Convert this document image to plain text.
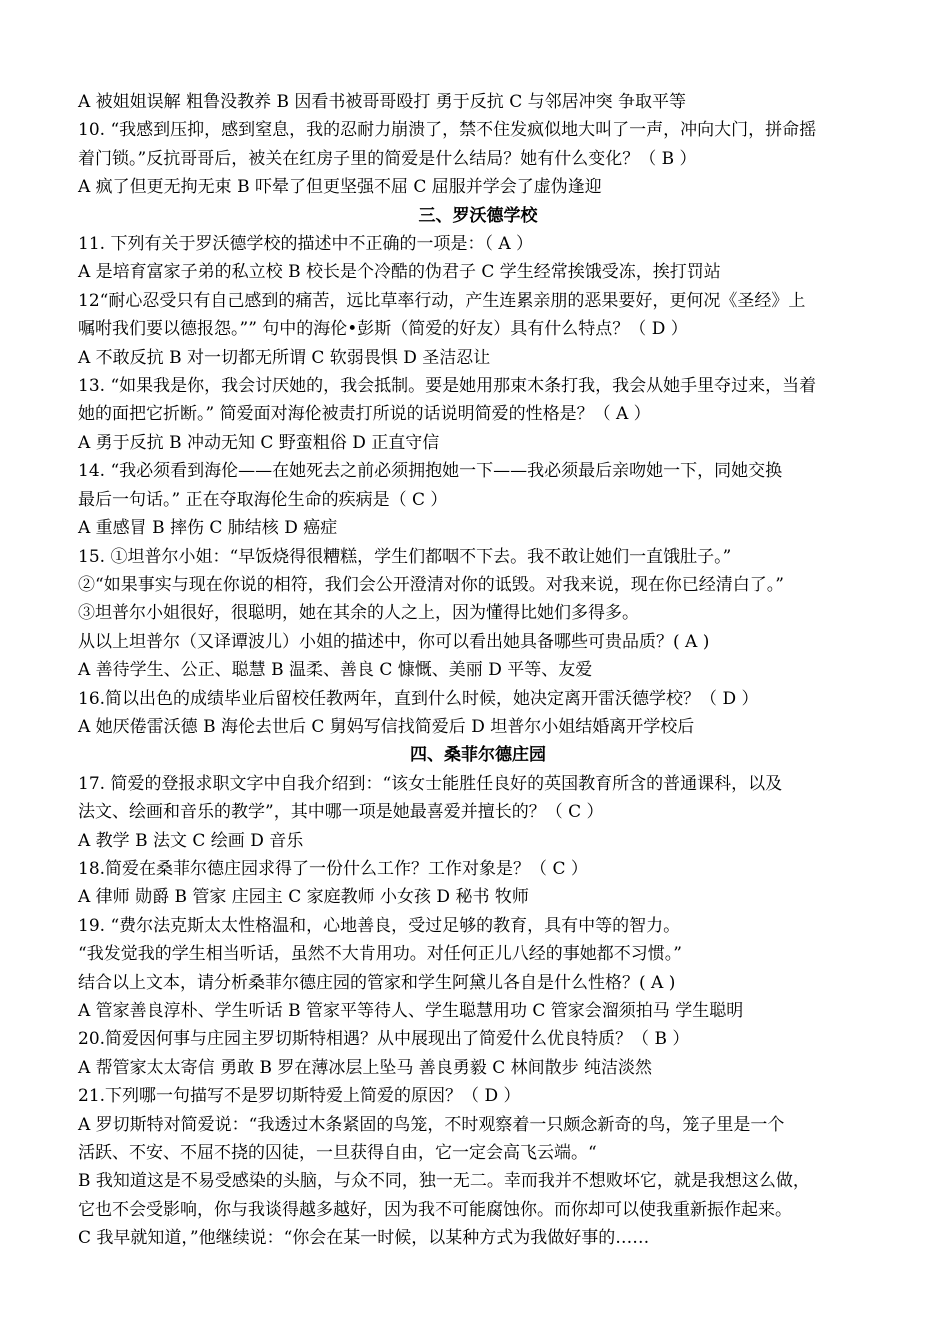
A 被姐姐误解 粗鲁没教养 B 因看书被哥哥殴打 勇于反抗 C 与邻居冲突 争取平等
10. “我感到压抑，感到窒息，我的忍耐力崩溃了，禁不住发疯似地大叫了一声，冲向大门，拼命摇
着门锁。”反抗哥哥后，被关在红房子里的简爱是什么结局？她有什么变化？（ B ）
A 疯了但更无拘无束 B 吓晕了但更坚强不屈 C 屈服并学会了虚伪逢迎
三、罗沃德学校
11. 下列有关于罗沃德学校的描述中不正确的一项是：（ A ）
A 是培育富家子弟的私立校 B 校长是个冷酷的伪君子 C 学生经常挨饿受冻，挨打罚站
12“耐心忍受只有自己感到的痛苦，远比草率行动，产生连累亲朋的恶果要好，更何况《圣经》上
嘱咐我们要以德报怨。”” 句中的海伦•彭斯（简爱的好友）具有什么特点？（ D ）
A 不敢反抗 B 对一切都无所谓 C 软弱畏惧 D 圣洁忍让
13. “如果我是你，我会讨厌她的，我会抵制。要是她用那束木条打我，我会从她手里夺过来，当着
她的面把它折断。” 简爱面对海伦被责打所说的话说明简爱的性格是？（ A ）
A 勇于反抗 B 冲动无知 C 野蛮粗俗 D 正直守信
14. “我必须看到海伦——在她死去之前必须拥抱她一下——我必须最后亲吻她一下，同她交换
最后一句话。” 正在夺取海伦生命的疾病是（ C ）
A 重感冒 B 摔伤 C 肺结核 D 癌症
15. ①坦普尔小姐：“早饭烧得很糟糕，学生们都咽不下去。我不敢让她们一直饿肚子。”
②“如果事实与现在你说的相符，我们会公开澄清对你的诋毁。对我来说，现在你已经清白了。”
③坦普尔小姐很好，很聪明，她在其余的人之上，因为懂得比她们多得多。
从以上坦普尔（又译谭波儿）小姐的描述中，你可以看出她具备哪些可贵品质？( A )
A 善待学生、公正、聪慧 B 温柔、善良 C 慷慨、美丽 D 平等、友爱
16.简以出色的成绩毕业后留校任教两年，直到什么时候，她决定离开雷沃德学校？（ D ）
A 她厌倦雷沃德 B 海伦去世后 C 舅妈写信找简爱后 D 坦普尔小姐结婚离开学校后
四、桑菲尔德庄园
17. 简爱的登报求职文字中自我介绍到：“该女士能胜任良好的英国教育所含的普通课科，以及
法文、绘画和音乐的教学”，其中哪一项是她最喜爱并擅长的？（ C ）
A 教学 B 法文 C 绘画 D 音乐
18.简爱在桑菲尔德庄园求得了一份什么工作？工作对象是？（ C ）
A 律师 勋爵 B 管家 庄园主 C 家庭教师 小女孩 D 秘书 牧师
19. “费尔法克斯太太性格温和，心地善良，受过足够的教育，具有中等的智力。
“我发觉我的学生相当听话，虽然不大肯用功。对任何正儿八经的事她都不习惯。”
结合以上文本，请分析桑菲尔德庄园的管家和学生阿黛儿各自是什么性格？( A )
A 管家善良淳朴、学生听话 B 管家平等待人、学生聪慧用功 C 管家会溜须拍马 学生聪明
20.简爱因何事与庄园主罗切斯特相遇？从中展现出了简爱什么优良特质？（ B ）
A 帮管家太太寄信 勇敢 B 罗在薄冰层上坠马 善良勇毅 C 林间散步 纯洁淡然
21.下列哪一句描写不是罗切斯特爱上简爱的原因？（ D ）
A 罗切斯特对简爱说：“我透过木条紧固的鸟笼，不时观察着一只颇念新奇的鸟，笼子里是一个
活跃、不安、不屈不挠的囚徒，一旦获得自由，它一定会高飞云端。“
B 我知道这是不易受感染的头脑，与众不同，独一无二。幸而我并不想败坏它，就是我想这么做，
它也不会受影响，你与我谈得越多越好，因为我不可能腐蚀你。而你却可以使我重新振作起来。
C 我早就知道，”他继续说：“你会在某一时候，以某种方式为我做好事的……
